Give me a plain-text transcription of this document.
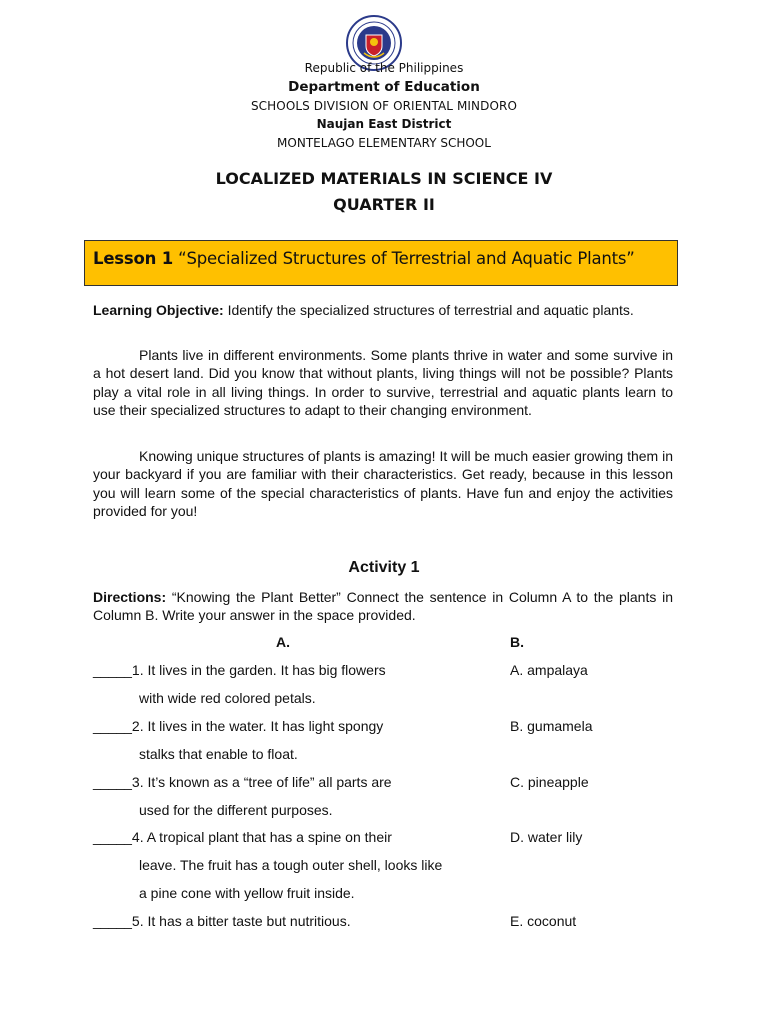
Republic of the Philippines
Department of Education
SCHOOLS DIVISION OF ORIENTAL MINDORO
Naujan East District
MONTELAGO ELEMENTARY SCHOOL
LOCALIZED MATERIALS IN SCIENCE IV
QUARTER II
Lesson 1 “Specialized Structures of Terrestrial and Aquatic Plants”
Learning Objective: Identify the specialized structures of terrestrial and aquatic plants.
Plants live in different environments. Some plants thrive in water and some survive in a hot desert land. Did you know that without plants, living things will not be possible? Plants play a vital role in all living things. In order to survive, terrestrial and aquatic plants learn to use their specialized structures to adapt to their changing environment.
Knowing unique structures of plants is amazing! It will be much easier growing them in your backyard if you are familiar with their characteristics. Get ready, because in this lesson you will learn some of the special characteristics of plants. Have fun and enjoy the activities provided for you!
Activity 1
Directions: “Knowing the Plant Better” Connect the sentence in Column A to the plants in Column B. Write your answer in the space provided.
A.	B.
_____1. It lives in the garden. It has big flowers
with wide red colored petals.
_____2. It lives in the water. It has light spongy
stalks that enable to float.
_____3. It’s known as a “tree of life” all parts are
used for the different purposes.
_____4. A tropical plant that has a spine on their
leave. The fruit has a tough outer shell, looks like
a pine cone with yellow fruit inside.
_____5. It has a bitter taste but nutritious.
A. ampalaya
B. gumamela
C. pineapple
D. water lily
E. coconut
